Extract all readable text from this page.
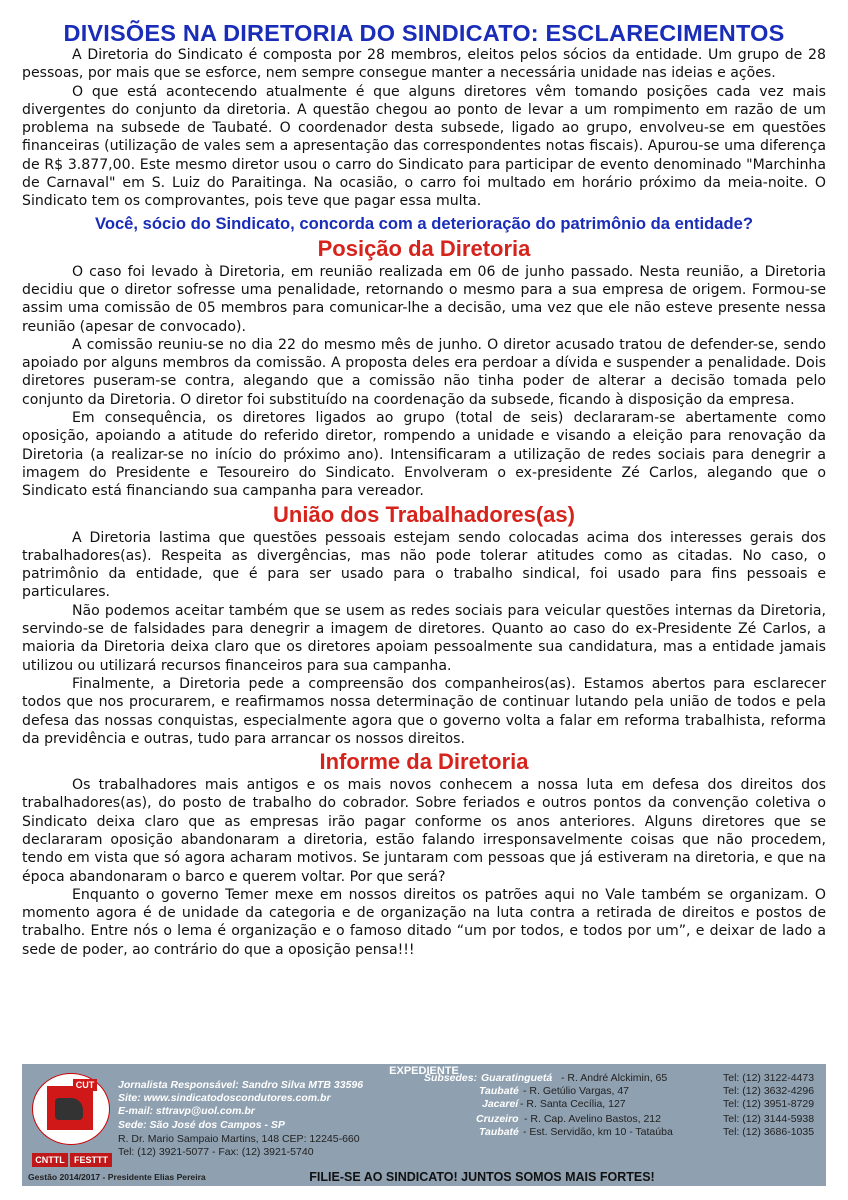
DIVISÕES NA DIRETORIA DO SINDICATO: ESCLARECIMENTOS

A Diretoria do Sindicato é composta por 28 membros, eleitos pelos sócios da entidade. Um grupo de 28 pessoas, por mais que se esforce, nem sempre consegue manter a necessária unidade nas ideias e ações.

O que está acontecendo atualmente é que alguns diretores vêm tomando posições cada vez mais divergentes do conjunto da diretoria. A questão chegou ao ponto de levar a um rompimento em razão de um problema na subsede de Taubaté. O coordenador desta subsede, ligado ao grupo, envolveu-se em questões financeiras (utilização de vales sem a apresentação das correspondentes notas fiscais). Apurou-se uma diferença de R$ 3.877,00. Este mesmo diretor usou o carro do Sindicato para participar de evento denominado "Marchinha de Carnaval" em S. Luiz do Paraitinga. Na ocasião, o carro foi multado em horário próximo da meia-noite. O Sindicato tem os comprovantes, pois teve que pagar essa multa.

Você, sócio do Sindicato, concorda com a deterioração do patrimônio da entidade?
Posição da Diretoria

O caso foi levado à Diretoria, em reunião realizada em 06 de junho passado. Nesta reunião, a Diretoria decidiu que o diretor sofresse uma penalidade, retornando o mesmo para a sua empresa de origem. Formou-se assim uma comissão de 05 membros para comunicar-lhe a decisão, uma vez que ele não esteve presente nessa reunião (apesar de convocado).

A comissão reuniu-se no dia 22 do mesmo mês de junho. O diretor acusado tratou de defender-se, sendo apoiado por alguns membros da comissão. A proposta deles era perdoar a dívida e suspender a penalidade. Dois diretores puseram-se contra, alegando que a comissão não tinha poder de alterar a decisão tomada pelo conjunto da Diretoria. O diretor foi substituído na coordenação da subsede, ficando à disposição da empresa.

Em consequência, os diretores ligados ao grupo (total de seis) declararam-se abertamente como oposição, apoiando a atitude do referido diretor, rompendo a unidade e visando a eleição para renovação da Diretoria (a realizar-se no início do próximo ano). Intensificaram a utilização de redes sociais para denegrir a imagem do Presidente e Tesoureiro do Sindicato. Envolveram o ex-presidente Zé Carlos, alegando que o Sindicato está financiando sua campanha para vereador.

União dos Trabalhadores(as)

A Diretoria lastima que questões pessoais estejam sendo colocadas acima dos interesses gerais dos trabalhadores(as). Respeita as divergências, mas não pode tolerar atitudes como as citadas. No caso, o patrimônio da entidade, que é para ser usado para o trabalho sindical, foi usado para fins pessoais e particulares.

Não podemos aceitar também que se usem as redes sociais para veicular questões internas da Diretoria, servindo-se de falsidades para denegrir a imagem de diretores. Quanto ao caso do ex-Presidente Zé Carlos, a maioria da Diretoria deixa claro que os diretores apoiam pessoalmente sua candidatura, mas a entidade jamais utilizou ou utilizará recursos financeiros para sua campanha.

Finalmente, a Diretoria pede a compreensão dos companheiros(as). Estamos abertos para esclarecer todos que nos procurarem, e reafirmamos nossa determinação de continuar lutando pela união de todos e pela defesa das nossas conquistas, especialmente agora que o governo volta a falar em reforma trabalhista, reforma da previdência e outras, tudo para arrancar os nossos direitos.

Informe da Diretoria

Os trabalhadores mais antigos e os mais novos conhecem a nossa luta em defesa dos direitos dos trabalhadores(as), do posto de trabalho do cobrador. Sobre feriados e outros pontos da convenção coletiva o Sindicato deixa claro que as empresas irão pagar conforme os anos anteriores. Alguns diretores que se declararam oposição abandonaram a diretoria, estão falando irresponsavelmente coisas que não procedem, tendo em vista que só agora acharam motivos. Se juntaram com pessoas que já estiveram na diretoria, e que na época abandonaram o barco e querem voltar. Por que será?

Enquanto o governo Temer mexe em nossos direitos os patrões aqui no Vale também se organizam. O momento agora é de unidade da categoria e de organização na luta contra a retirada de direitos e postos de trabalho. Entre nós o lema é organização e o famoso ditado “um por todos, e todos por um”, e deixar de lado a sede de poder, ao contrário do que a oposição pensa!!!

EXPEDIENTE
CUT
CNTTL	FESTTT
Jornalista Responsável: Sandro Silva MTB 33596
Site: www.sindicatodoscondutores.com.br
E-mail: sttravp@uol.com.br
Sede: São José dos Campos - SP
R. Dr. Mario Sampaio Martins, 148 CEP: 12245-660
Tel: (12) 3921-5077 - Fax: (12) 3921-5740
Subsedes: Guaratinguetá - R. André Alckimin, 65	Tel: (12) 3122-4473
Taubaté - R. Getúlio Vargas, 47	Tel: (12) 3632-4296
Jacareí - R. Santa Cecília, 127	Tel: (12) 3951-8729
Cruzeiro - R. Cap. Avelino Bastos, 212	Tel: (12) 3144-5938
Taubaté - Est. Servidão, km 10 - Tataúba	Tel: (12) 3686-1035
Gestão 2014/2017 - Presidente Elias Pereira	FILIE-SE AO SINDICATO! JUNTOS SOMOS MAIS FORTES!
